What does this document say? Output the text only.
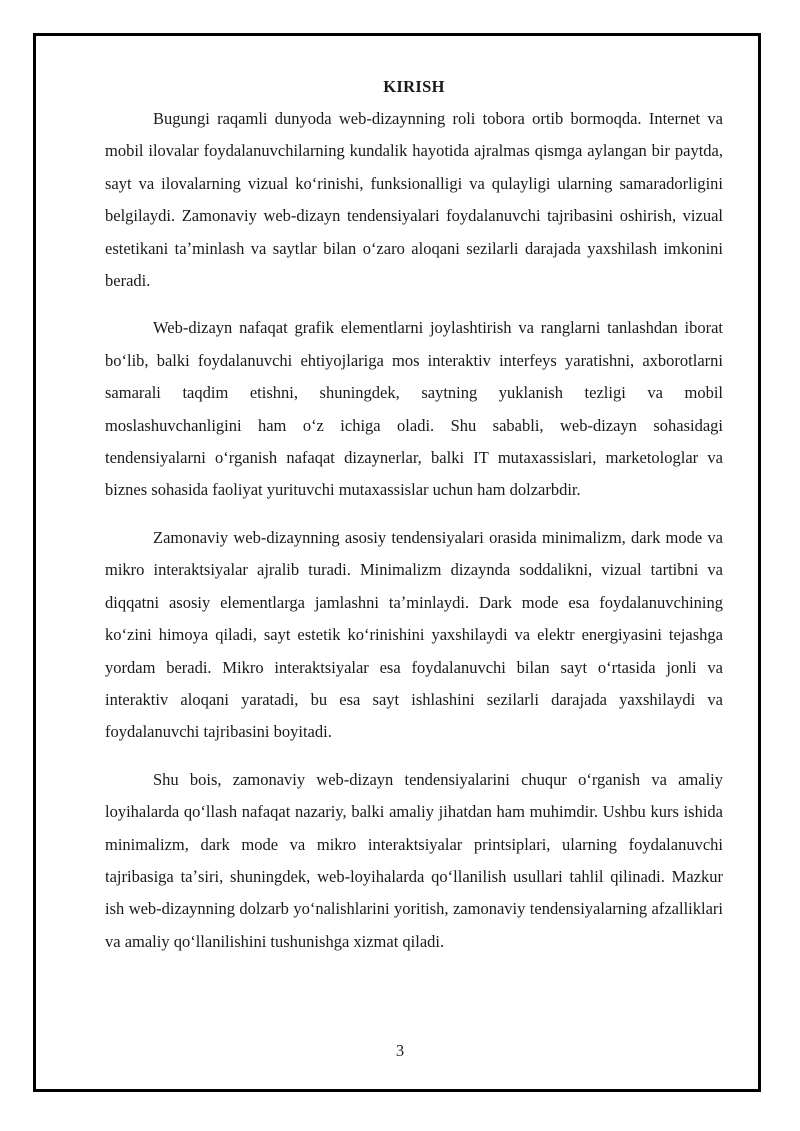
KIRISH

Bugungi raqamli dunyoda web-dizaynning roli tobora ortib bormoqda. Internet va mobil ilovalar foydalanuvchilarning kundalik hayotida ajralmas qismga aylangan bir paytda, sayt va ilovalarning vizual koʻrinishi, funksionalligi va qulayligi ularning samaradorligini belgilaydi. Zamonaviy web-dizayn tendensiyalari foydalanuvchi tajribasini oshirish, vizual estetikani taʼminlash va saytlar bilan oʻzaro aloqani sezilarli darajada yaxshilash imkonini beradi.

Web-dizayn nafaqat grafik elementlarni joylashtirish va ranglarni tanlashdan iborat boʻlib, balki foydalanuvchi ehtiyojlariga mos interaktiv interfeys yaratishni, axborotlarni samarali taqdim etishni, shuningdek, saytning yuklanish tezligi va mobil moslashuvchanligini ham oʻz ichiga oladi. Shu sababli, web-dizayn sohasidagi tendensiyalarni oʻrganish nafaqat dizaynerlar, balki IT mutaxassislari, marketologlar va biznes sohasida faoliyat yurituvchi mutaxassislar uchun ham dolzarbdir.

Zamonaviy web-dizaynning asosiy tendensiyalari orasida minimalizm, dark mode va mikro interaktsiyalar ajralib turadi. Minimalizm dizaynda soddalikni, vizual tartibni va diqqatni asosiy elementlarga jamlashni taʼminlaydi. Dark mode esa foydalanuvchining koʻzini himoya qiladi, sayt estetik koʻrinishini yaxshilaydi va elektr energiyasini tejashga yordam beradi. Mikro interaktsiyalar esa foydalanuvchi bilan sayt oʻrtasida jonli va interaktiv aloqani yaratadi, bu esa sayt ishlashini sezilarli darajada yaxshilaydi va foydalanuvchi tajribasini boyitadi.

Shu bois, zamonaviy web-dizayn tendensiyalarini chuqur oʻrganish va amaliy loyihalarda qoʻllash nafaqat nazariy, balki amaliy jihatdan ham muhimdir. Ushbu kurs ishida minimalizm, dark mode va mikro interaktsiyalar printsiplari, ularning foydalanuvchi tajribasiga taʼsiri, shuningdek, web-loyihalarda qoʻllanilish usullari tahlil qilinadi. Mazkur ish web-dizaynning dolzarb yoʻnalishlarini yoritish, zamonaviy tendensiyalarning afzalliklari va amaliy qoʻllanilishini tushunishga xizmat qiladi.

3
